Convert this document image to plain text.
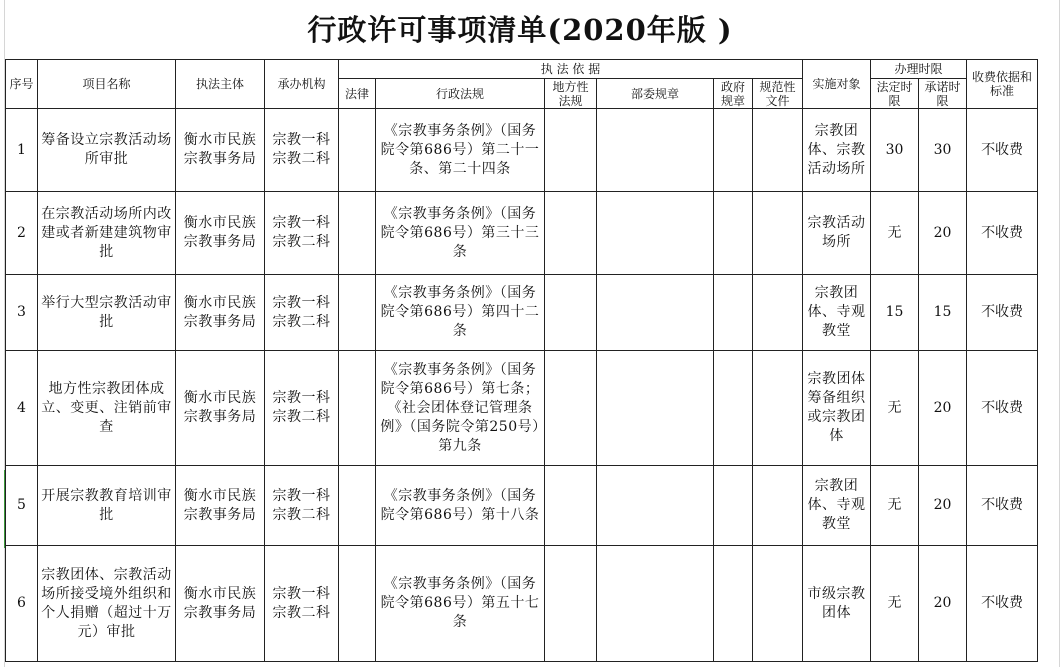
行政许可事项清单(2020年版 )
序号	项目名称	执法主体	承办机构	执 法 依 据						实施对象	办理时限		收费依据和标准
				法律	行政法规	地方性法规	部委规章	政府规章	规范性文件		法定时限	承诺时限	
1	筹备设立宗教活动场所审批	衡水市民族宗教事务局	宗教一科宗教二科		《宗教事务条例》（国务院令第686号）第二十一条、第二十四条					宗教团体、宗教活动场所	30	30	不收费
2	在宗教活动场所内改建或者新建建筑物审批	衡水市民族宗教事务局	宗教一科宗教二科		《宗教事务条例》（国务院令第686号）第三十三条					宗教活动场所	无	20	不收费
3	举行大型宗教活动审批	衡水市民族宗教事务局	宗教一科宗教二科		《宗教事务条例》（国务院令第686号）第四十二条					宗教团体、寺观教堂	15	15	不收费
4	地方性宗教团体成立、变更、注销前审查	衡水市民族宗教事务局	宗教一科宗教二科		《宗教事务条例》（国务院令第686号）第七条；《社会团体登记管理条例》（国务院令第250号）第九条					宗教团体筹备组织或宗教团体	无	20	不收费
5	开展宗教教育培训审批	衡水市民族宗教事务局	宗教一科宗教二科		《宗教事务条例》（国务院令第686号）第十八条					宗教团体、寺观教堂	无	20	不收费
6	宗教团体、宗教活动场所接受境外组织和个人捐赠（超过十万元）审批	衡水市民族宗教事务局	宗教一科宗教二科		《宗教事务条例》（国务院令第686号）第五十七条					市级宗教团体	无	20	不收费
